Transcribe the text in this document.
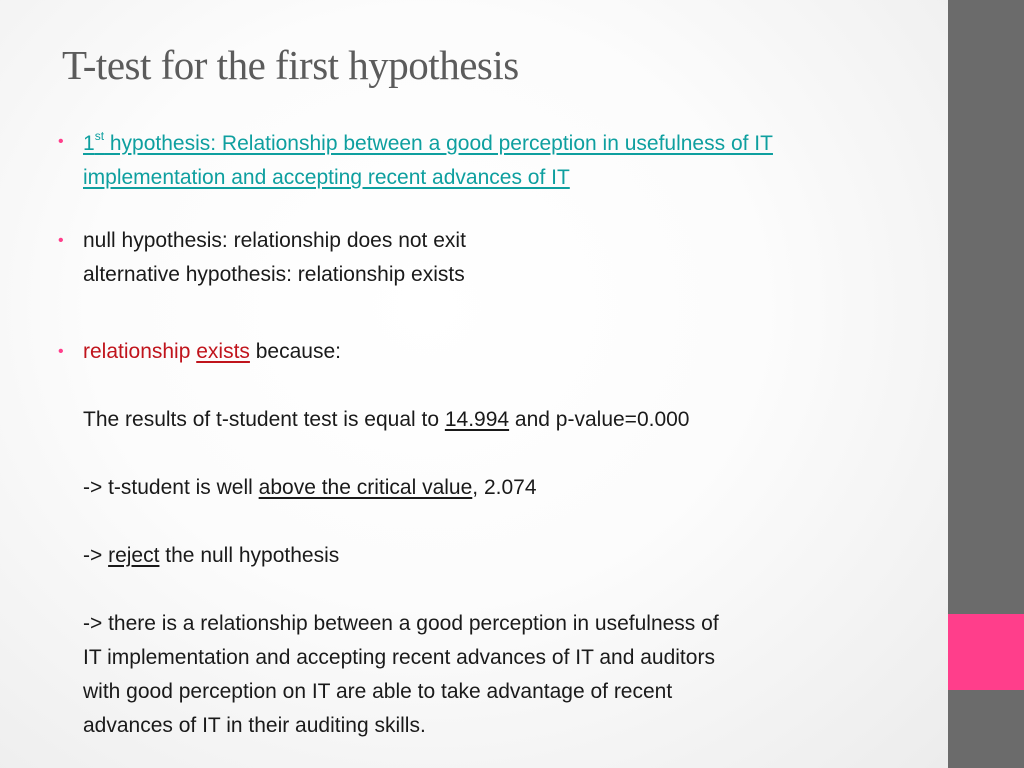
T-test for the first hypothesis
• 1st hypothesis: Relationship between a good perception in usefulness of IT
implementation and accepting recent advances of IT
• null hypothesis: relationship does not exit
alternative hypothesis: relationship exists
• relationship exists because:
The results of t-student test is equal to 14.994 and p-value=0.000
-> t-student is well above the critical value, 2.074
-> reject the null hypothesis
-> there is a relationship between a good perception in usefulness of
IT implementation and accepting recent advances of IT and auditors
with good perception on IT are able to take advantage of recent
advances of IT in their auditing skills.
